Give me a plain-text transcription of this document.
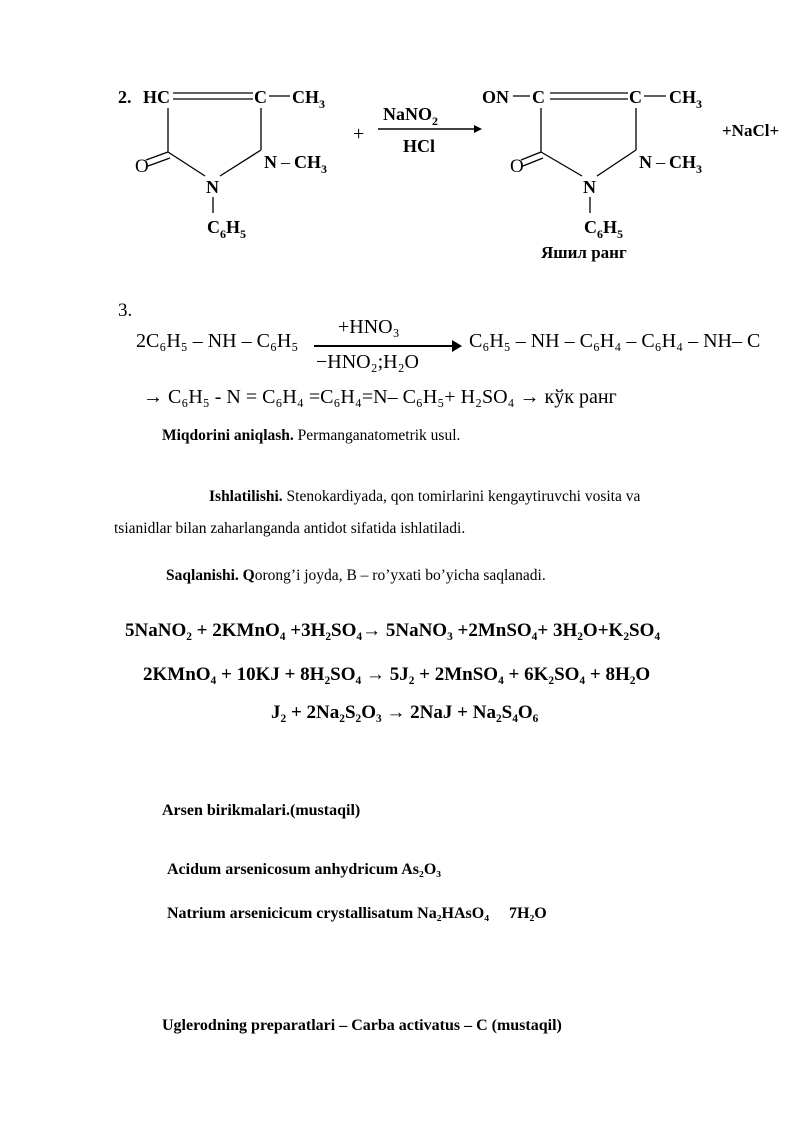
2. HC	C $CH_3$
O	N – $CH_3$
N
$C_6H_5$
+
NaNO$_2$
HCl
ON C	C $CH_3$
O	N – $CH_3$
N
$C_6H_5$
+NaCl+
Яшил ранг
3.
2C₆H₅ – NH – C₆H₅
+HNO₃
−HNO₂;H₂O
C₆H₅ – NH – C₆H₄ – C₆H₄ – NH– C
→ C₆H₅ - N = C₆H₄ =C₆H₄=N– C₆H₅+ H₂SO₄ → кўк ранг
Miqdorini aniqlash. Permanganatometrik usul.
Ishlatilishi. Stenokardiyada, qon tomirlarini kengaytiruvchi vosita va
tsianidlar bilan zaharlanganda antidot sifatida ishlatiladi.
Saqlanishi. Qorong’i joyda, B – ro’yxati bo’yicha saqlanadi.
5NaNO₂ + 2KMnO₄ +3H₂SO₄→ 5NaNO₃ +2MnSO₄+ 3H₂O+K₂SO₄
2KMnO₄ + 10KJ + 8H₂SO₄ → 5J₂ + 2MnSO₄ + 6K₂SO₄ + 8H₂O
J₂ + 2Na₂S₂O₃ → 2NaJ + Na₂S₄O₆
Arsen birikmalari.(mustaqil)
Acidum arsenicosum anhydricum As₂O₃
Natrium arsenicicum crystallisatum Na₂HAsO₄     7H₂O
Uglerodning preparatlari – Carba activatus – C (mustaqil)
